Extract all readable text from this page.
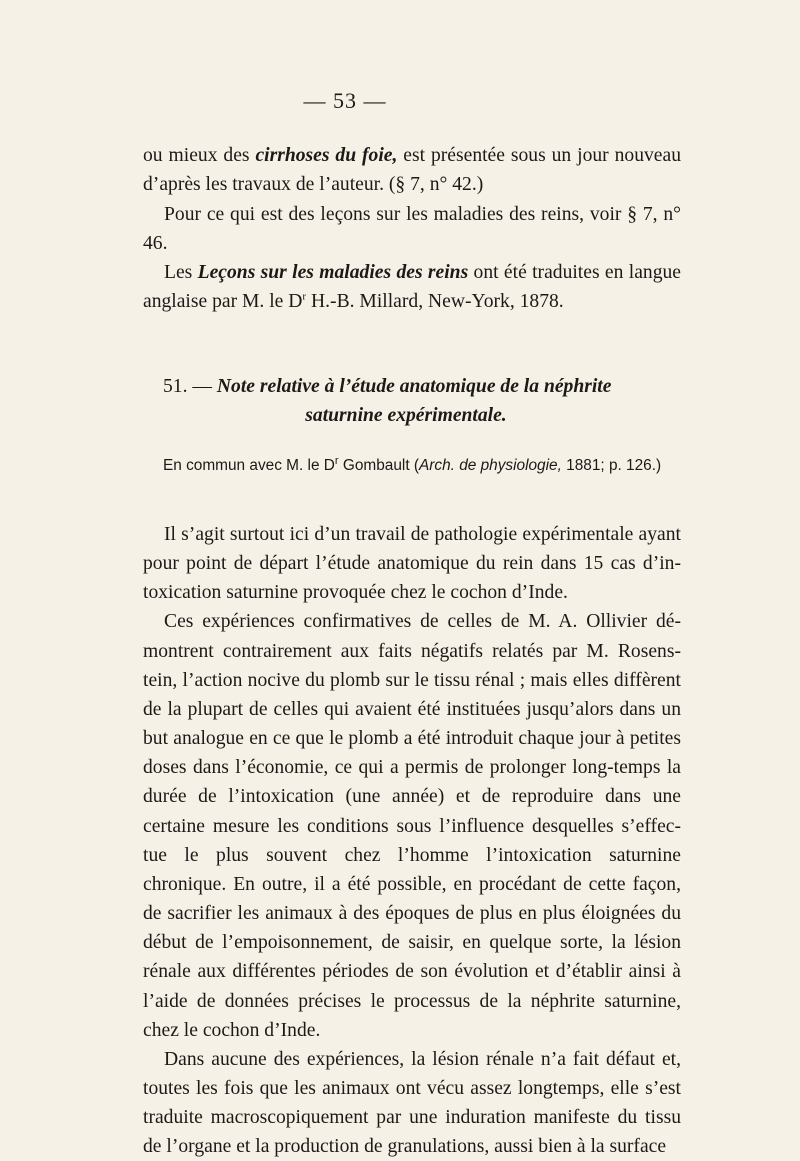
— 53 —

ou mieux des cirrhoses du foie, est présentée sous un jour nouveau d’après les travaux de l’auteur. (§ 7, n° 42.)

Pour ce qui est des leçons sur les maladies des reins, voir § 7, n° 46.

Les Leçons sur les maladies des reins ont été traduites en langue anglaise par M. le $D^r$ H.-B. Millard, New-York, 1878.

51. — Note relative à l’étude anatomique de la néphrite
saturnine expérimentale.
En commun avec M. le $D^r$ Gombault (Arch. de physiologie, 1881; p. 126.)

Il s’agit surtout ici d’un travail de pathologie expérimentale ayant pour point de départ l’étude anatomique du rein dans 15 cas d’in-toxication saturnine provoquée chez le cochon d’Inde.

Ces expériences confirmatives de celles de M. A. Ollivier dé-montrent contrairement aux faits négatifs relatés par M. Rosens-tein, l’action nocive du plomb sur le tissu rénal ; mais elles diffèrent de la plupart de celles qui avaient été instituées jusqu’alors dans un but analogue en ce que le plomb a été introduit chaque jour à petites doses dans l’économie, ce qui a permis de prolonger long-temps la durée de l’intoxication (une année) et de reproduire dans une certaine mesure les conditions sous l’influence desquelles s’effec-tue le plus souvent chez l’homme l’intoxication saturnine chronique. En outre, il a été possible, en procédant de cette façon, de sacrifier les animaux à des époques de plus en plus éloignées du début de l’empoisonnement, de saisir, en quelque sorte, la lésion rénale aux différentes périodes de son évolution et d’établir ainsi à l’aide de données précises le processus de la néphrite saturnine, chez le cochon d’Inde.

Dans aucune des expériences, la lésion rénale n’a fait défaut et, toutes les fois que les animaux ont vécu assez longtemps, elle s’est traduite macroscopiquement par une induration manifeste du tissu de l’organe et la production de granulations, aussi bien à la surface
